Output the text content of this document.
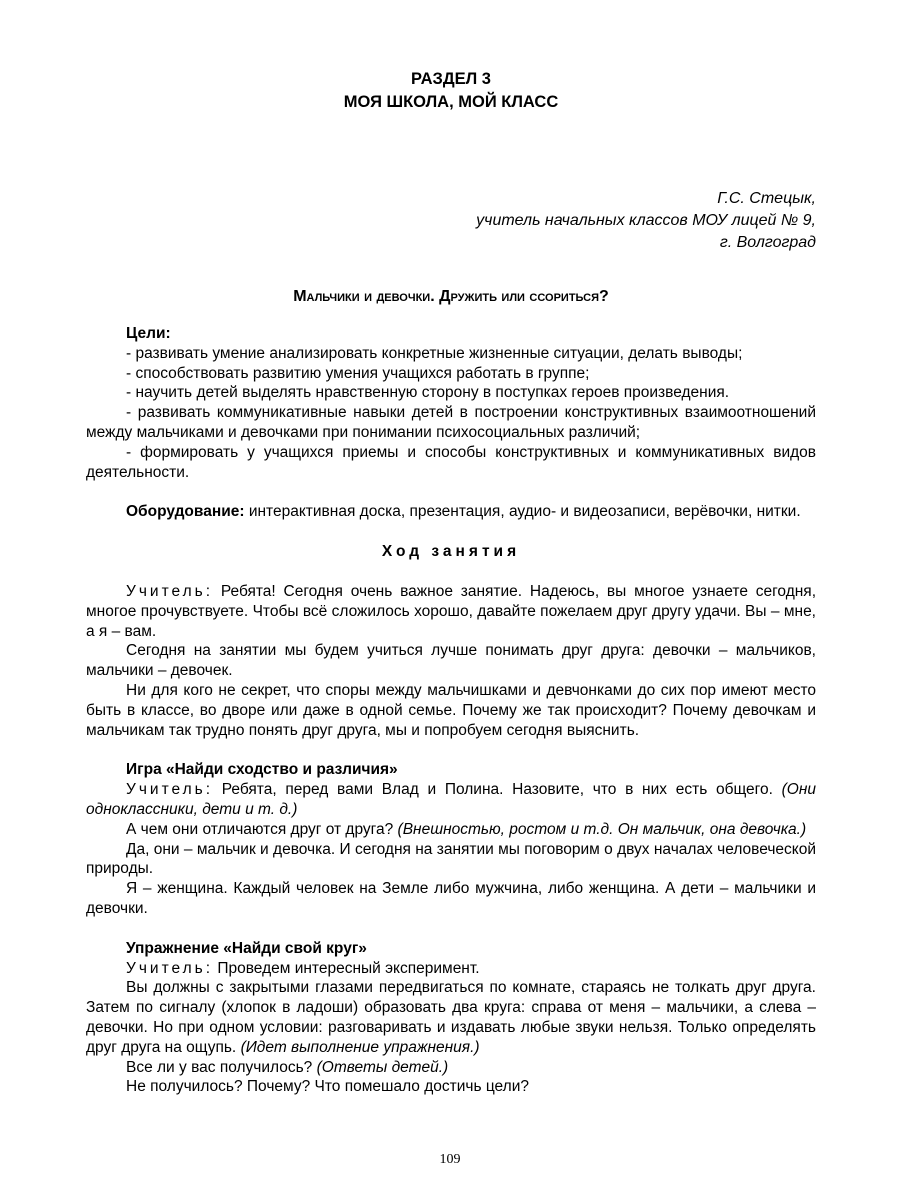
РАЗДЕЛ 3
МОЯ ШКОЛА, МОЙ КЛАСС
Г.С. Стецык,
учитель начальных классов МОУ лицей № 9,
г. Волгоград
Мальчики и девочки. Дружить или ссориться?

Цели:

- развивать умение анализировать конкретные жизненные ситуации, делать выводы;

- способствовать развитию умения учащихся работать в группе;

- научить детей выделять нравственную сторону в поступках героев произведения.

- развивать коммуникативные навыки детей в построении конструктивных взаимоотношений между мальчиками и девочками при понимании психосоциальных различий;

- формировать у учащихся приемы и способы конструктивных и коммуникативных видов деятельности.

Оборудование: интерактивная доска, презентация, аудио- и видеозаписи, верёвочки, нитки.

Ход занятия

Учитель: Ребята! Сегодня очень важное занятие. Надеюсь, вы многое узнаете сегодня, многое прочувствуете. Чтобы всё сложилось хорошо, давайте пожелаем друг другу удачи. Вы – мне, а я – вам.

Сегодня на занятии мы будем учиться лучше понимать друг друга: девочки – мальчиков, мальчики – девочек.

Ни для кого не секрет, что споры между мальчишками и девчонками до сих пор имеют место быть в классе, во дворе или даже в одной семье. Почему же так происходит? Почему девочкам и мальчикам так трудно понять друг друга, мы и попробуем сегодня выяснить.

Игра «Найди сходство и различия»

Учитель: Ребята, перед вами Влад и Полина. Назовите, что в них есть общего. (Они одноклассники, дети и т. д.)

А чем они отличаются друг от друга? (Внешностью, ростом и т.д. Он мальчик, она девочка.)

Да, они – мальчик и девочка. И сегодня на занятии мы поговорим о двух началах человеческой природы.

Я – женщина. Каждый человек на Земле либо мужчина, либо женщина. А дети – мальчики и девочки.

Упражнение «Найди свой круг»

Учитель: Проведем интересный эксперимент.

Вы должны с закрытыми глазами передвигаться по комнате, стараясь не толкать друг друга. Затем по сигналу (хлопок в ладоши) образовать два круга: справа от меня – мальчики, а слева – девочки. Но при одном условии: разговаривать и издавать любые звуки нельзя. Только определять друг друга на ощупь. (Идет выполнение упражнения.)

Все ли у вас получилось? (Ответы детей.)

Не получилось? Почему? Что помешало достичь цели?

109
